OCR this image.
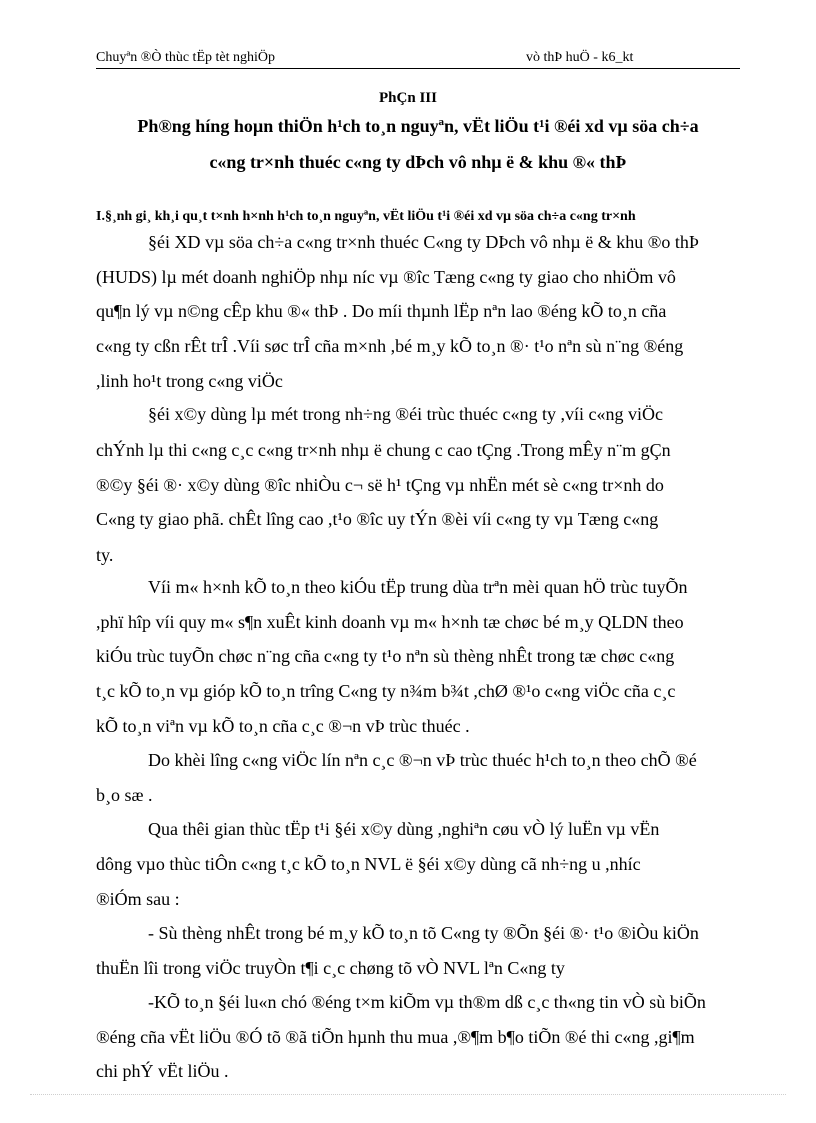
Chuyªn ®Ò thùc tËp tèt nghiÖp	vò thÞ huÖ - k6_kt
PhÇn III
Ph®ng híng hoµn thiÖn h¹ch to¸n nguyªn, vËt liÖu t¹i ®éi xd vµ söa ch÷a
c«ng tr×nh thuéc c«ng ty dÞch vô nhµ ë & khu ®« thÞ
I.§¸nh gi¸ kh¸i qu¸t t×nh h×nh h¹ch to¸n nguyªn, vËt liÖu t¹i ®éi xd vµ söa ch÷a c«ng tr×nh
§éi XD vµ söa ch÷a c«ng tr×nh thuéc C«ng ty DÞch vô nhµ ë & khu ®o thÞ
(HUDS) lµ mét doanh nghiÖp nhµ níc vµ ®îc Tæng c«ng ty giao cho nhiÖm vô
qu¶n lý vµ n©ng cÊp khu ®« thÞ . Do míi thµnh lËp nªn lao ®éng kÕ to¸n cña
c«ng ty cßn rÊt trÎ .Víi søc trÎ cña m×nh ,bé m¸y kÕ to¸n ®· t¹o nªn sù n¨ng ®éng
,linh ho¹t trong c«ng viÖc
§éi x©y dùng lµ mét trong nh÷ng ®éi trùc thuéc c«ng ty ,víi c«ng viÖc
chÝnh lµ thi c«ng c¸c c«ng tr×nh nhµ ë chung c cao tÇng .Trong mÊy n¨m gÇn
®©y §éi ®· x©y dùng ®îc nhiÒu c¬ së h¹ tÇng vµ nhËn mét sè c«ng tr×nh do
C«ng ty giao phã. chÊt lîng cao ,t¹o ®îc uy tÝn ®èi víi c«ng ty vµ Tæng c«ng
ty.
Víi m« h×nh kÕ to¸n theo kiÓu tËp trung dùa trªn mèi quan hÖ trùc tuyÕn
,phï hîp víi quy m« s¶n xuÊt kinh doanh vµ m« h×nh tæ chøc bé m¸y QLDN theo
kiÓu trùc tuyÕn chøc n¨ng cña c«ng ty t¹o nªn sù thèng nhÊt trong tæ chøc c«ng
t¸c kÕ to¸n vµ gióp kÕ to¸n trîng C«ng ty n¾m b¾t ,chØ ®¹o c«ng viÖc cña c¸c
kÕ to¸n viªn vµ kÕ to¸n cña c¸c ®¬n vÞ trùc thuéc .
Do khèi lîng c«ng viÖc lín nªn c¸c ®¬n vÞ trùc thuéc h¹ch to¸n theo chÕ ®é
b¸o sæ .
Qua thêi gian thùc tËp t¹i §éi x©y dùng ,nghiªn cøu vÒ lý luËn vµ vËn
dông vµo thùc tiÔn c«ng t¸c kÕ to¸n NVL ë §éi x©y dùng cã nh÷ng u ,nhíc
®iÓm sau :
- Sù thèng nhÊt trong bé m¸y kÕ to¸n tõ C«ng ty ®Õn §éi ®· t¹o ®iÒu kiÖn
thuËn lîi trong viÖc truyÒn t¶i c¸c chøng tõ vÒ NVL lªn C«ng ty
-KÕ to¸n §éi lu«n chó ®éng t×m kiÕm vµ th®m dß c¸c th«ng tin vÒ sù biÕn
®éng cña vËt liÖu ®Ó tõ ®ã tiÕn hµnh thu mua ,®¶m b¶o tiÕn ®é thi c«ng ,gi¶m
chi phÝ vËt liÖu .
